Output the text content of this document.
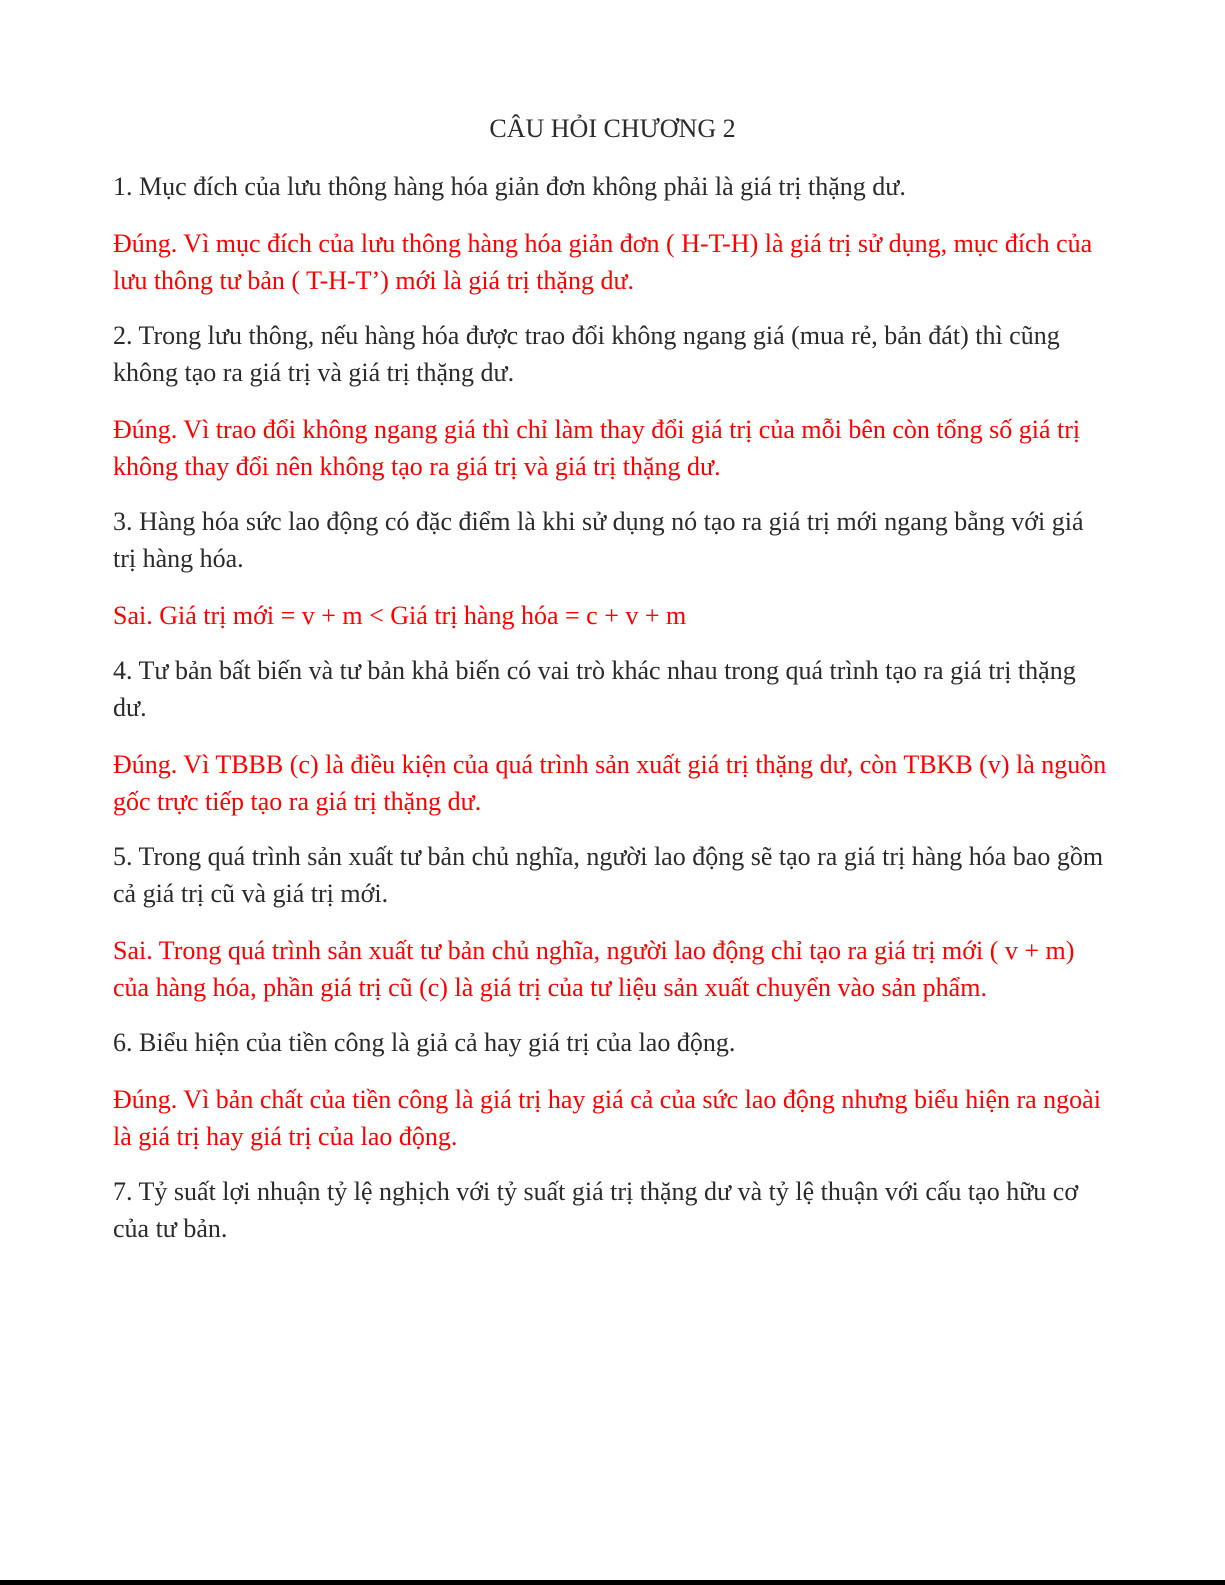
CÂU HỎI CHƯƠNG 2

1. Mục đích của lưu thông hàng hóa giản đơn không phải là giá trị thặng dư.

Đúng. Vì mục đích của lưu thông hàng hóa giản đơn ( H-T-H) là giá trị sử dụng, mục đích của lưu thông tư bản ( T-H-T’) mới là giá trị thặng dư.

2. Trong lưu thông, nếu hàng hóa được trao đổi không ngang giá (mua rẻ, bản đát) thì cũng không tạo ra giá trị và giá trị thặng dư.

Đúng. Vì trao đổi không ngang giá thì chỉ làm thay đổi giá trị của mỗi bên còn tổng số giá trị không thay đổi nên không tạo ra giá trị và giá trị thặng dư.

3. Hàng hóa sức lao động có đặc điểm là khi sử dụng nó tạo ra giá trị mới ngang bằng với giá trị hàng hóa.

Sai. Giá trị mới = v + m < Giá trị hàng hóa = c + v + m

4. Tư bản bất biến và tư bản khả biến có vai trò khác nhau trong quá trình tạo ra giá trị thặng dư.

Đúng. Vì TBBB (c) là điều kiện của quá trình sản xuất giá trị thặng dư, còn TBKB (v) là nguồn gốc trực tiếp tạo ra giá trị thặng dư.

5. Trong quá trình sản xuất tư bản chủ nghĩa, người lao động sẽ tạo ra giá trị hàng hóa bao gồm cả giá trị cũ và giá trị mới.

Sai. Trong quá trình sản xuất tư bản chủ nghĩa, người lao động chỉ tạo ra giá trị mới ( v + m) của hàng hóa, phần giá trị cũ (c) là giá trị của tư liệu sản xuất chuyển vào sản phẩm.

6. Biểu hiện của tiền công là giả cả hay giá trị của lao động.

Đúng. Vì bản chất của tiền công là giá trị hay giá cả của sức lao động nhưng biểu hiện ra ngoài là giá trị hay giá trị của lao động.

7. Tỷ suất lợi nhuận tỷ lệ nghịch với tỷ suất giá trị thặng dư và tỷ lệ thuận với cấu tạo hữu cơ của tư bản.
